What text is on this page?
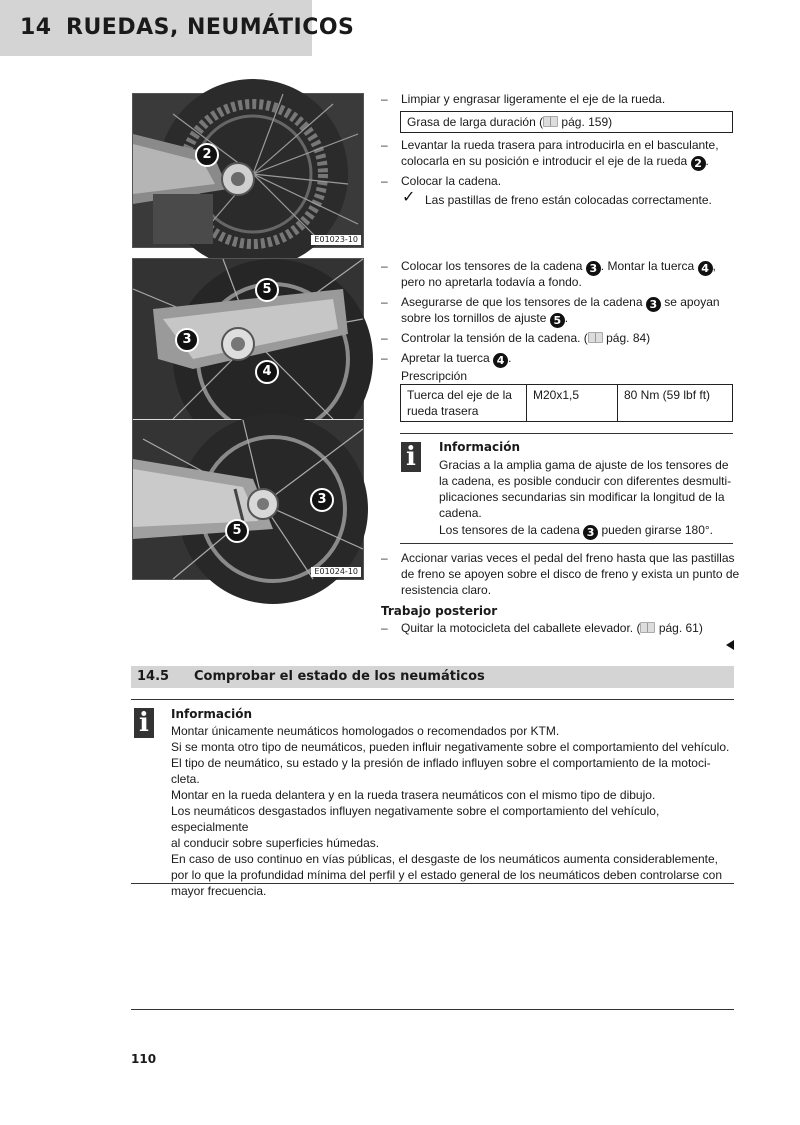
14 RUEDAS, NEUMÁTICOS
2
E01023-10
5
3
4
3
5
E01024-10
–	Limpiar y engrasar ligeramente el eje de la rueda.
Grasa de larga duración ( pág. 159)
–	Levantar la rueda trasera para introducirla en el basculante,
colocarla en su posición e introducir el eje de la rueda 2 .
–	Colocar la cadena.
✓ Las pastillas de freno están colocadas correctamente.
–	Colocar los tensores de la cadena 3 . Montar la tuerca 4 ,
pero no apretarla todavía a fondo.
–	Asegurarse de que los tensores de la cadena 3 se apoyan
sobre los tornillos de ajuste 5 .
–	Controlar la tensión de la cadena. ( pág. 84)
–	Apretar la tuerca 4 .
Prescripción
Tuerca del eje de la
rueda trasera
	M20x1,5	80 Nm (59 lbf ft)
i	Información
Gracias a la amplia gama de ajuste de los tensores de
la cadena, es posible conducir con diferentes desmulti-
plicaciones secundarias sin modificar la longitud de la
cadena.
Los tensores de la cadena 3 pueden girarse 180°.
–	Accionar varias veces el pedal del freno hasta que las pastillas
de freno se apoyen sobre el disco de freno y exista un punto de
resistencia claro.
Trabajo posterior
–	Quitar la motocicleta del caballete elevador. ( pág. 61)
14.5 Comprobar el estado de los neumáticos
i	Información
Montar únicamente neumáticos homologados o recomendados por KTM.
Si se monta otro tipo de neumáticos, pueden influir negativamente sobre el comportamiento del vehículo.
El tipo de neumático, su estado y la presión de inflado influyen sobre el comportamiento de la motoci-
cleta.
Montar en la rueda delantera y en la rueda trasera neumáticos con el mismo tipo de dibujo.
Los neumáticos desgastados influyen negativamente sobre el comportamiento del vehículo, especialmente
al conducir sobre superficies húmedas.
En caso de uso continuo en vías públicas, el desgaste de los neumáticos aumenta considerablemente,
por lo que la profundidad mínima del perfil y el estado general de los neumáticos deben controlarse con
mayor frecuencia.
110
